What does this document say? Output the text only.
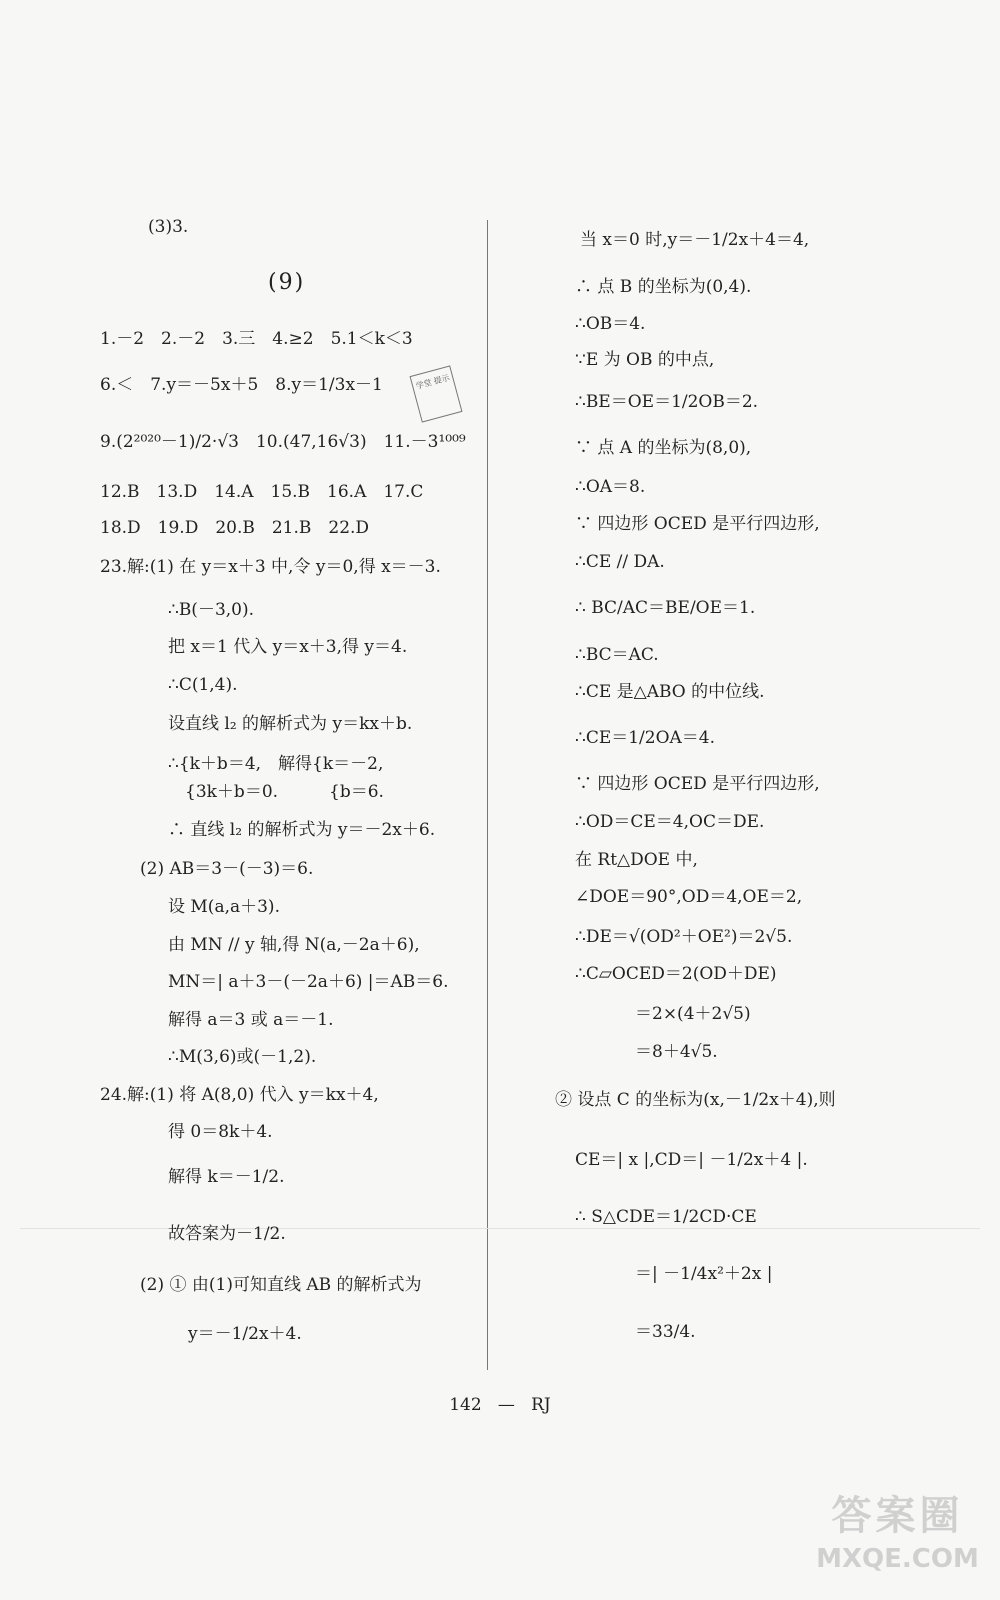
(3)3.
(9)
1.－2　2.－2　3.三　4.≥2　5.1＜k＜3
6.＜　7.y＝－5x＋5　8.y＝1/3x－1
9.(2²⁰²⁰－1)/2·√3　10.(47,16√3)　11.－3¹⁰⁰⁹
12.B　13.D　14.A　15.B　16.A　17.C
18.D　19.D　20.B　21.B　22.D
23.解:(1) 在 y＝x＋3 中,令 y＝0,得 x＝－3.
∴B(－3,0).
把 x＝1 代入 y＝x＋3,得 y＝4.
∴C(1,4).
设直线 l₂ 的解析式为 y＝kx＋b.
∴{k＋b＝4,　解得{k＝－2,
　{3k＋b＝0.　　　{b＝6.
∴ 直线 l₂ 的解析式为 y＝－2x＋6.
(2) AB＝3－(－3)＝6.
设 M(a,a＋3).
由 MN // y 轴,得 N(a,－2a＋6),
MN＝| a＋3－(－2a＋6) |＝AB＝6.
解得 a＝3 或 a＝－1.
∴M(3,6)或(－1,2).
24.解:(1) 将 A(8,0) 代入 y＝kx＋4,
得 0＝8k＋4.
解得 k＝－1/2.
故答案为－1/2.
(2) ① 由(1)可知直线 AB 的解析式为
y＝－1/2x＋4.
学堂 提示
当 x＝0 时,y＝－1/2x＋4＝4,
∴ 点 B 的坐标为(0,4).
∴OB＝4.
∵E 为 OB 的中点,
∴BE＝OE＝1/2OB＝2.
∵ 点 A 的坐标为(8,0),
∴OA＝8.
∵ 四边形 OCED 是平行四边形,
∴CE // DA.
∴ BC/AC＝BE/OE＝1.
∴BC＝AC.
∴CE 是△ABO 的中位线.
∴CE＝1/2OA＝4.
∵ 四边形 OCED 是平行四边形,
∴OD＝CE＝4,OC＝DE.
在 Rt△DOE 中,
∠DOE＝90°,OD＝4,OE＝2,
∴DE＝√(OD²＋OE²)＝2√5.
∴C▱OCED＝2(OD＋DE)
＝2×(4＋2√5)
＝8＋4√5.
② 设点 C 的坐标为(x,－1/2x＋4),则
CE＝| x |,CD＝| －1/2x＋4 |.
∴ S△CDE＝1/2CD·CE
＝| －1/4x²＋2x |
＝33/4.
142 — RJ
答案圈
MXQE.COM
